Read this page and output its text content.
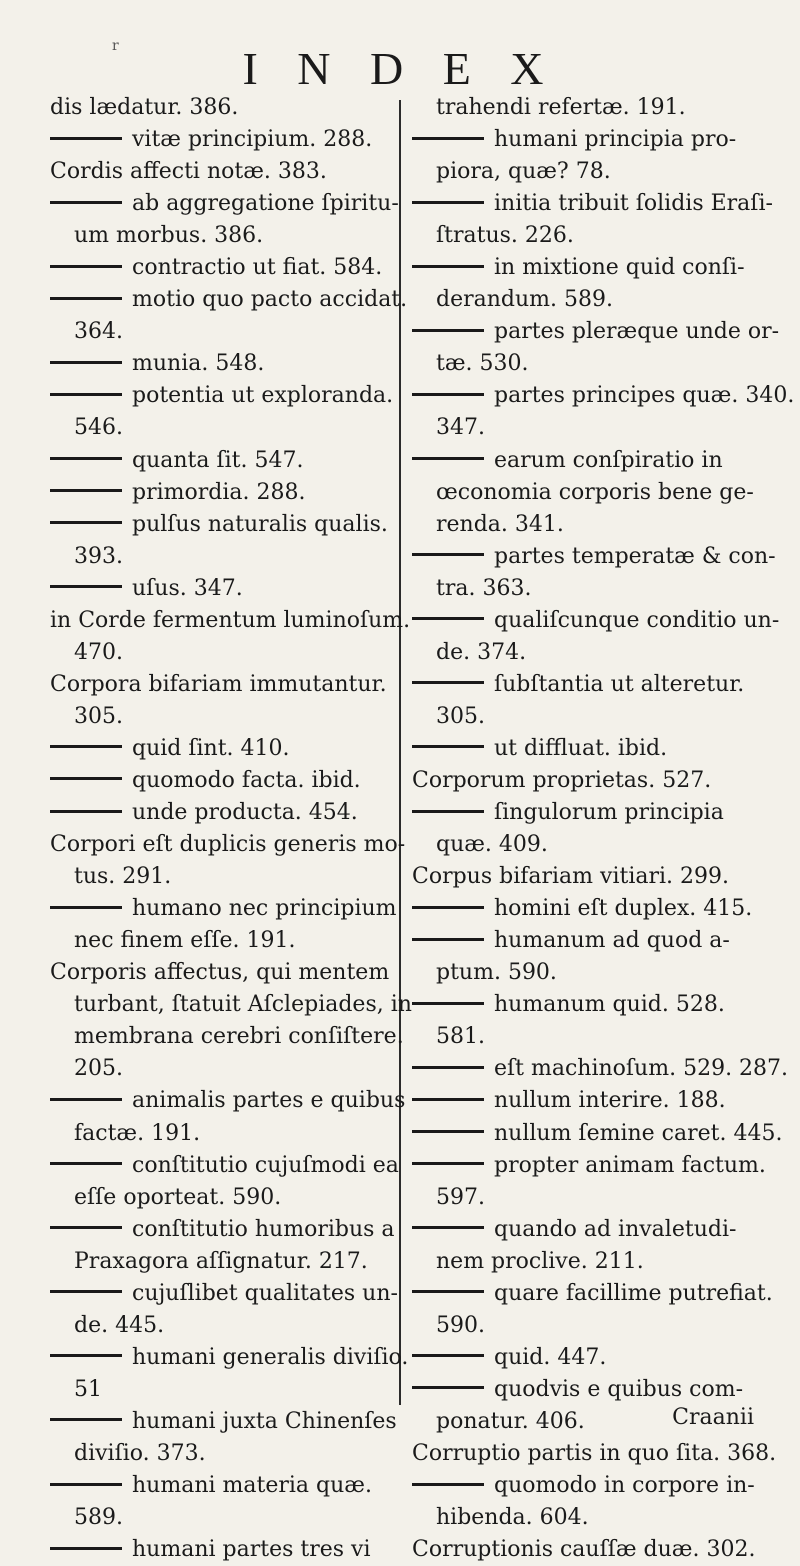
r	I N D E X
dis lædatur. 386.
vitæ principium. 288.
Cordis affecti notæ. 383.
ab aggregatione ſpiritu-
um morbus. 386.
contractio ut fiat. 584.
motio quo pacto accidat.
364.
munia. 548.
potentia ut exploranda.
546.
quanta ſit. 547.
primordia. 288.
pulſus naturalis qualis.
393.
uſus. 347.
in Corde fermentum luminoſum.
470.
Corpora bifariam immutantur.
305.
quid ſint. 410.
quomodo facta. ibid.
unde producta. 454.
Corpori eſt duplicis generis mo-
tus. 291.
humano nec principium
nec finem eſſe. 191.
Corporis affectus, qui mentem
turbant, ſtatuit Aſclepiades, in
membrana cerebri conſiſtere.
205.
animalis partes e quibus
factæ. 191.
conſtitutio cujuſmodi ea
eſſe oporteat. 590.
conſtitutio humoribus a
Praxagora aſſignatur. 217.
cujuſlibet qualitates un-
de. 445.
humani generalis diviſio.
51
humani juxta Chinenſes
diviſio. 373.
humani materia quæ.
589.
humani partes tres vi
trahendi refertæ. 191.
humani principia pro-
piora, quæ? 78.
initia tribuit ſolidis Eraſi-
ſtratus. 226.
in mixtione quid conſi-
derandum. 589.
partes pleræque unde or-
tæ. 530.
partes principes quæ. 340.
347.
earum conſpiratio in
œconomia corporis bene ge-
renda. 341.
partes temperatæ & con-
tra. 363.
qualiſcunque conditio un-
de. 374.
ſubſtantia ut alteretur.
305.
ut diffluat. ibid.
Corporum proprietas. 527.
ſingulorum principia
quæ. 409.
Corpus bifariam vitiari. 299.
homini eſt duplex. 415.
humanum ad quod a-
ptum. 590.
humanum quid. 528.
581.
eſt machinoſum. 529. 287.
nullum interire. 188.
nullum ſemine caret. 445.
propter animam factum.
597.
quando ad invaletudi-
nem proclive. 211.
quare facillime putrefiat.
590.
quid. 447.
quodvis e quibus com-
ponatur. 406.
Corruptio partis in quo ſita. 368.
quomodo in corpore in-
hibenda. 604.
Corruptionis cauſſæ duæ. 302.
Craanii
